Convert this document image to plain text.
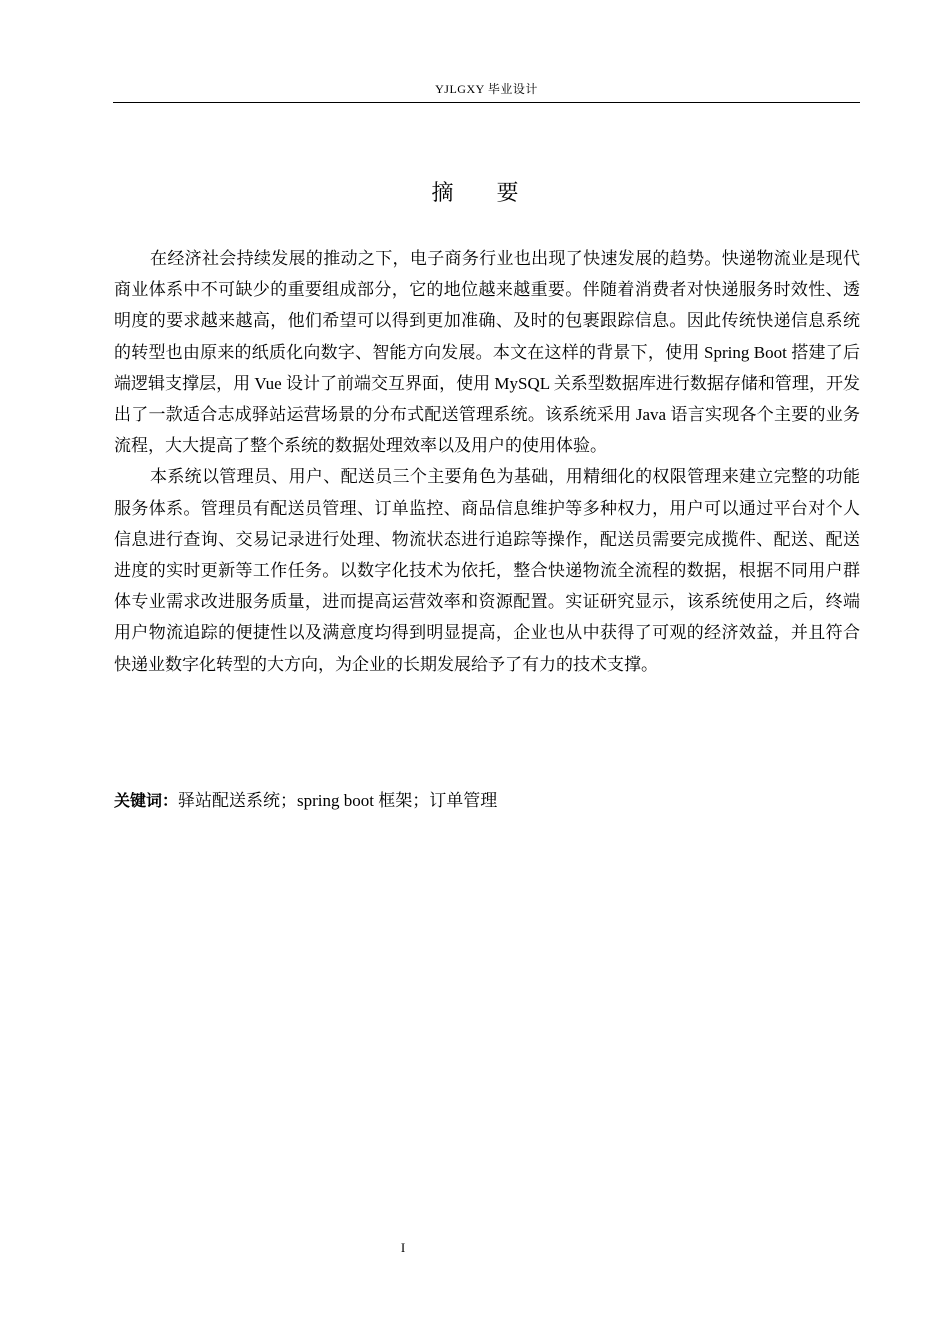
YJLGXY 毕业设计
摘 要

在经济社会持续发展的推动之下，电子商务行业也出现了快速发展的趋势。快递物流业是现代商业体系中不可缺少的重要组成部分，它的地位越来越重要。伴随着消费者对快递服务时效性、透明度的要求越来越高，他们希望可以得到更加准确、及时的包裹跟踪信息。因此传统快递信息系统的转型也由原来的纸质化向数字、智能方向发展。本文在这样的背景下，使用 Spring Boot 搭建了后端逻辑支撑层，用 Vue 设计了前端交互界面，使用 MySQL 关系型数据库进行数据存储和管理，开发出了一款适合志成驿站运营场景的分布式配送管理系统。该系统采用 Java 语言实现各个主要的业务流程，大大提高了整个系统的数据处理效率以及用户的使用体验。

本系统以管理员、用户、配送员三个主要角色为基础，用精细化的权限管理来建立完整的功能服务体系。管理员有配送员管理、订单监控、商品信息维护等多种权力，用户可以通过平台对个人信息进行查询、交易记录进行处理、物流状态进行追踪等操作，配送员需要完成揽件、配送、配送进度的实时更新等工作任务。以数字化技术为依托，整合快递物流全流程的数据，根据不同用户群体专业需求改进服务质量，进而提高运营效率和资源配置。实证研究显示，该系统使用之后，终端用户物流追踪的便捷性以及满意度均得到明显提高，企业也从中获得了可观的经济效益，并且符合快递业数字化转型的大方向，为企业的长期发展给予了有力的技术支撑。

关键词：驿站配送系统；spring boot 框架；订单管理
I
